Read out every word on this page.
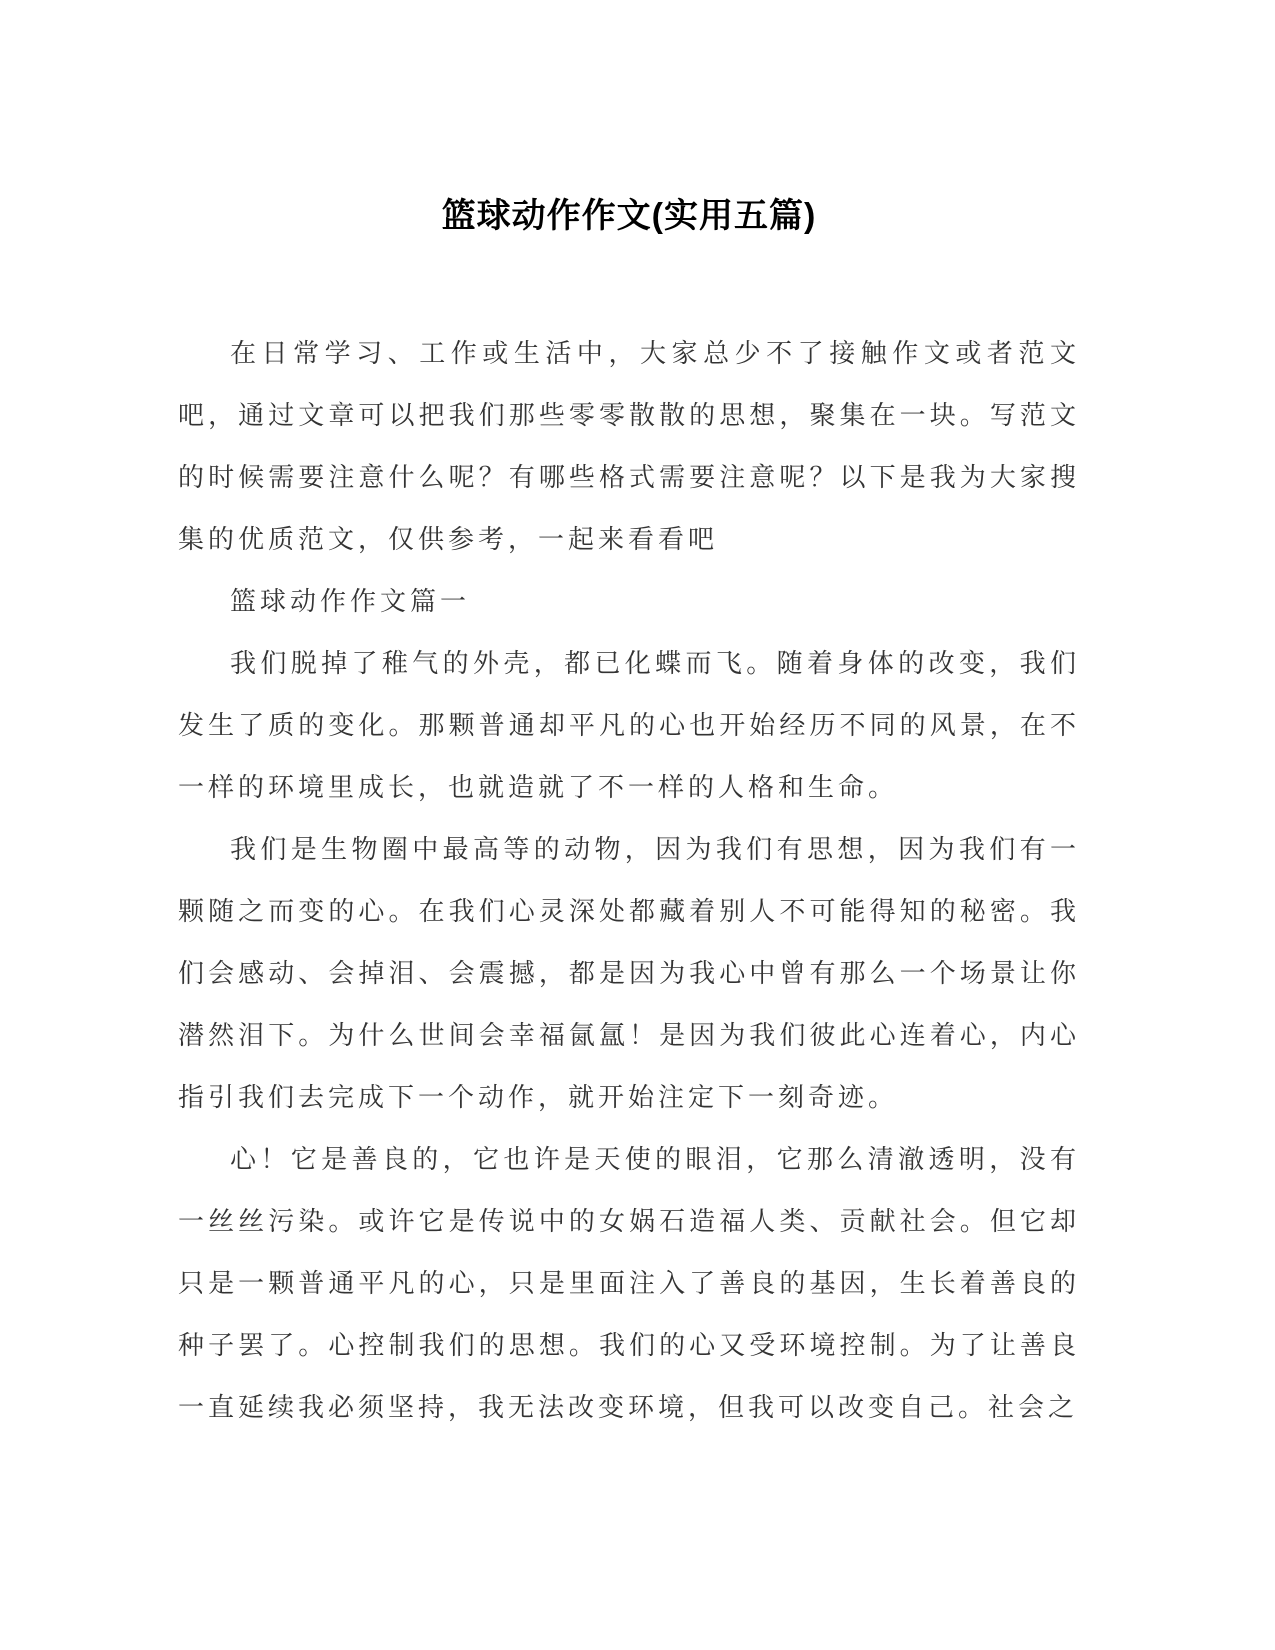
篮球动作作文(实用五篇)

在日常学习、工作或生活中，大家总少不了接触作文或者范文吧，通过文章可以把我们那些零零散散的思想，聚集在一块。写范文的时候需要注意什么呢？有哪些格式需要注意呢？以下是我为大家搜集的优质范文，仅供参考，一起来看看吧

篮球动作作文篇一

我们脱掉了稚气的外壳，都已化蝶而飞。随着身体的改变，我们发生了质的变化。那颗普通却平凡的心也开始经历不同的风景，在不一样的环境里成长，也就造就了不一样的人格和生命。

我们是生物圈中最高等的动物，因为我们有思想，因为我们有一颗随之而变的心。在我们心灵深处都藏着别人不可能得知的秘密。我们会感动、会掉泪、会震撼，都是因为我心中曾有那么一个场景让你潜然泪下。为什么世间会幸福氤氲！是因为我们彼此心连着心，内心指引我们去完成下一个动作，就开始注定下一刻奇迹。

心！它是善良的，它也许是天使的眼泪，它那么清澈透明，没有一丝丝污染。或许它是传说中的女娲石造福人类、贡献社会。但它却只是一颗普通平凡的心，只是里面注入了善良的基因，生长着善良的种子罢了。心控制我们的思想。我们的心又受环境控制。为了让善良一直延续我必须坚持，我无法改变环境，但我可以改变自己。社会之
